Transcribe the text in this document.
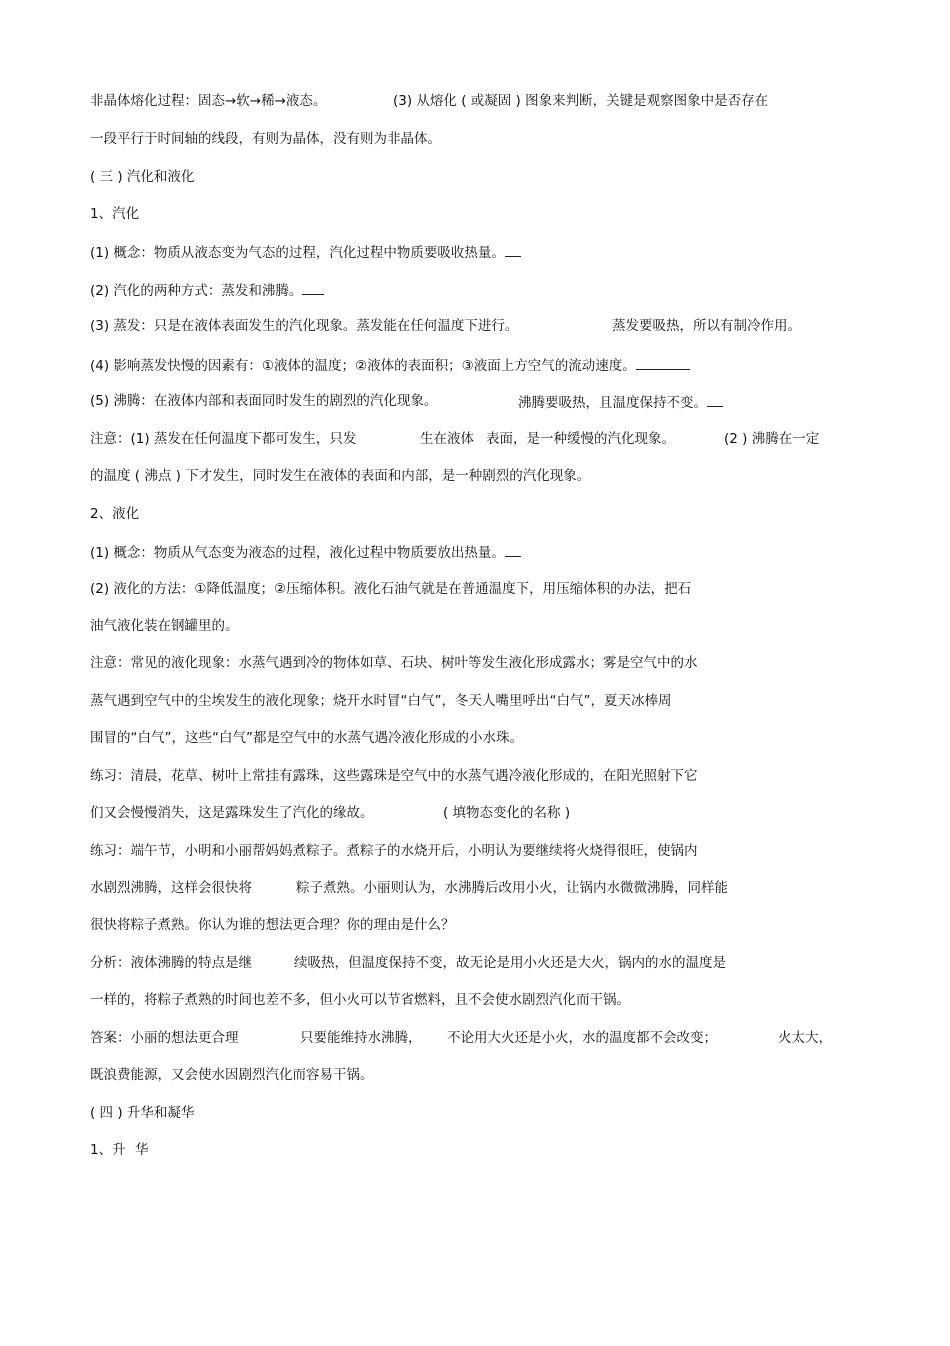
非晶体熔化过程：固态→软→稀→液态。	(3) 从熔化 ( 或凝固 ) 图象来判断，关键是观察图象中是否存在
一段平行于时间轴的线段，有则为晶体，没有则为非晶体。
( 三 ) 汽化和液化
1、汽化
(1) 概念：物质从液态变为气态的过程，汽化过程中物质要吸收热量。
(2) 汽化的两种方式：蒸发和沸腾。
(3) 蒸发：只是在液体表面发生的汽化现象。蒸发能在任何温度下进行。	蒸发要吸热，所以有制冷作用。
(4) 影响蒸发快慢的因素有：①液体的温度；②液体的表面积；③液面上方空气的流动速度。
(5) 沸腾：在液体内部和表面同时发生的剧烈的汽化现象。	沸腾要吸热，且温度保持不变。
注意：(1) 蒸发在任何温度下都可发生，只发	生在液体 表面，是一种缓慢的汽化现象。	(2 ) 沸腾在一定
的温度 ( 沸点 ) 下才发生，同时发生在液体的表面和内部，是一种剧烈的汽化现象。
2、液化
(1) 概念：物质从气态变为液态的过程，液化过程中物质要放出热量。
(2) 液化的方法：①降低温度；②压缩体积。液化石油气就是在普通温度下，用压缩体积的办法，把石
油气液化装在钢罐里的。
注意：常见的液化现象：水蒸气遇到冷的物体如草、石块、树叶等发生液化形成露水；雾是空气中的水
蒸气遇到空气中的尘埃发生的液化现象；烧开水时冒“白气”，冬天人嘴里呼出“白气”，夏天冰棒周
围冒的“白气”，这些“白气”都是空气中的水蒸气遇冷液化形成的小水珠。
练习：清晨，花草、树叶上常挂有露珠，这些露珠是空气中的水蒸气遇冷液化形成的，在阳光照射下它
们又会慢慢消失，这是露珠发生了汽化的缘故。	( 填物态变化的名称 )
练习：端午节，小明和小丽帮妈妈煮粽子。煮粽子的水烧开后，小明认为要继续将火烧得很旺，使锅内
水剧烈沸腾，这样会很快将	粽子煮熟。小丽则认为，水沸腾后改用小火，让锅内水微微沸腾，同样能
很快将粽子煮熟。你认为谁的想法更合理？你的理由是什么？
分析：液体沸腾的特点是继	续吸热，但温度保持不变，故无论是用小火还是大火，锅内的水的温度是
一样的，将粽子煮熟的时间也差不多，但小火可以节省燃料，且不会使水剧烈汽化而干锅。
答案：小丽的想法更合理	只要能维持水沸腾， 不论用大火还是小火，水的温度都不会改变；	火太大，
既浪费能源，又会使水因剧烈汽化而容易干锅。
( 四 ) 升华和凝华
1、升 华
